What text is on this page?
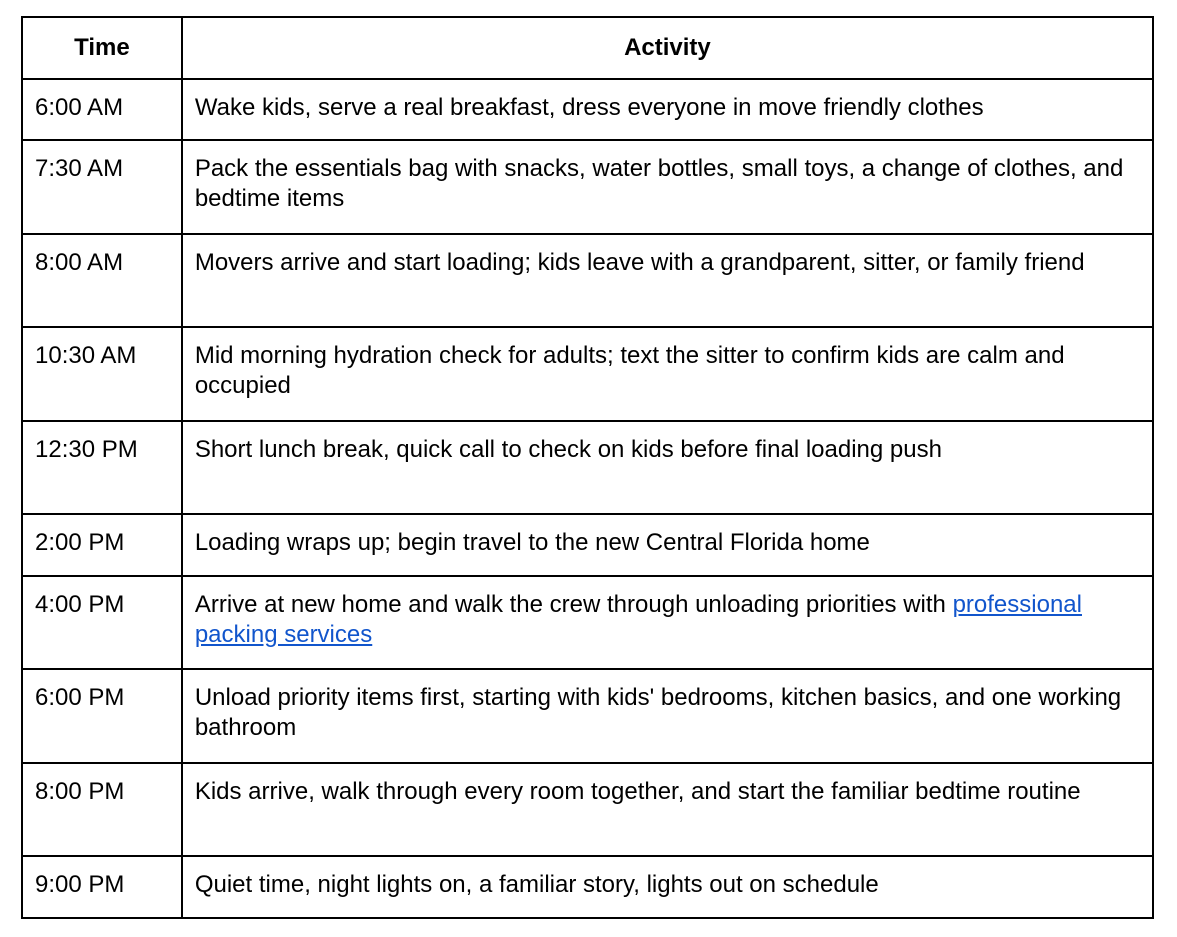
Time	Activity
6:00 AM	Wake kids, serve a real breakfast, dress everyone in move friendly clothes
7:30 AM	Pack the essentials bag with snacks, water bottles, small toys, a change of clothes, and bedtime items
8:00 AM	Movers arrive and start loading; kids leave with a grandparent, sitter, or family friend
10:30 AM	Mid morning hydration check for adults; text the sitter to confirm kids are calm and occupied
12:30 PM	Short lunch break, quick call to check on kids before final loading push
2:00 PM	Loading wraps up; begin travel to the new Central Florida home
4:00 PM	Arrive at new home and walk the crew through unloading priorities with professional packing services
6:00 PM	Unload priority items first, starting with kids' bedrooms, kitchen basics, and one working bathroom
8:00 PM	Kids arrive, walk through every room together, and start the familiar bedtime routine
9:00 PM	Quiet time, night lights on, a familiar story, lights out on schedule
